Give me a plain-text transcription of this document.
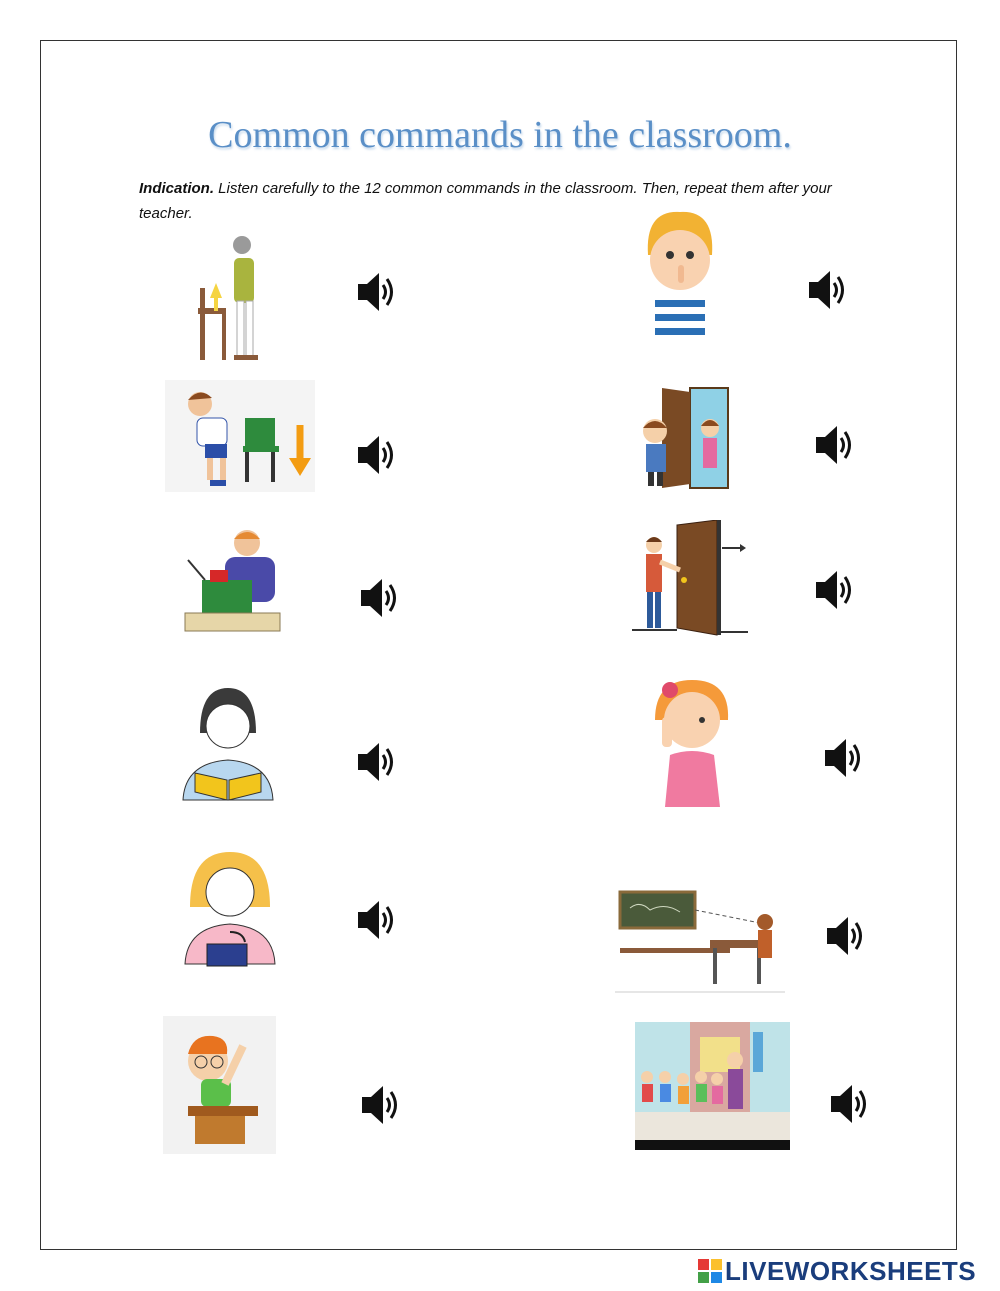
Common commands in the classroom.
Indication. Listen carefully to the 12 common commands in the classroom. Then, repeat them after your teacher.
LIVEWORKSHEETS
